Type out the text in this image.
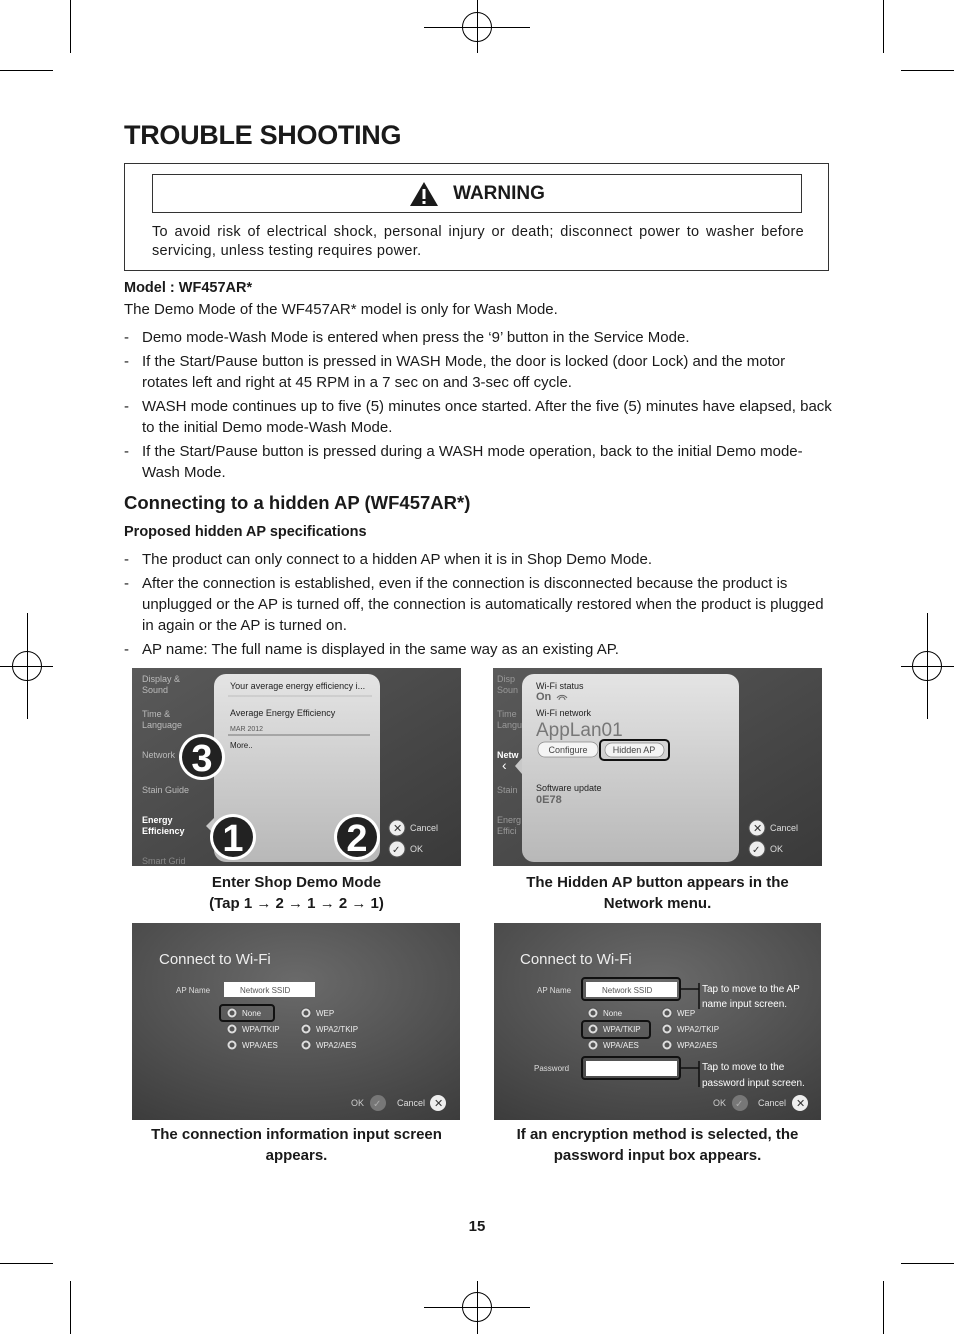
TROUBLE SHOOTING
WARNING

To avoid risk of electrical shock, personal injury or death; disconnect power to washer before servicing, unless testing requires power.

Model : WF457AR*
The Demo Mode of the WF457AR* model is only for Wash Mode.
- Demo mode-Wash Mode is entered when press the ‘9’ button in the Service Mode.
- If the Start/Pause button is pressed in WASH Mode, the door is locked (door Lock) and the motor rotates left and right at 45 RPM in a 7 sec on and 3-sec off cycle.
- WASH mode continues up to five (5) minutes once started. After the five (5) minutes have elapsed, back to the initial Demo mode-Wash Mode.
- If the Start/Pause button is pressed during a WASH mode operation, back to the initial Demo mode-Wash Mode.
Connecting to a hidden AP (WF457AR*)
Proposed hidden AP specifications
- The product can only connect to a hidden AP when it is in Shop Demo Mode.
- After the connection is established, even if the connection is disconnected because the product is unplugged or the AP is turned off, the connection is automatically restored when the product is plugged in again or the AP is turned on.
- AP name: The full name is displayed in the same way as an existing AP.
Display &
Sound
Time &
Language
Network
Stain Guide
Energy
Efficiency
Smart Grid
Your average energy efficiency i...
Average Energy Efficiency
MAR 2012
More..
✕ Cancel
✓ OK
3
1	2
Disp
Soun
Time
Langu
Netw
Stain
Energ
Effici
‹
Wi-Fi status
On
Wi-Fi network
AppLan01
Configure	Hidden AP
Software update
0E78
✕ Cancel
✓ OK
Enter Shop Demo Mode
(Tap 1 → 2 → 1 → 2 → 1)
The Hidden AP button appears in the
Network menu.
Connect to Wi-Fi
AP Name	Network SSID
None	WEP
WPA/TKIP	WPA2/TKIP
WPA/AES	WPA2/AES
OK ✓ Cancel ✕
Connect to Wi-Fi
AP Name	Network SSID	Tap to move to the AP
name input screen.
None	WEP
WPA/TKIP	WPA2/TKIP
WPA/AES	WPA2/AES
Password	Tap to move to the
password input screen.
OK ✓ Cancel ✕
The connection information input screen
appears.
If an encryption method is selected, the
password input box appears.
15
